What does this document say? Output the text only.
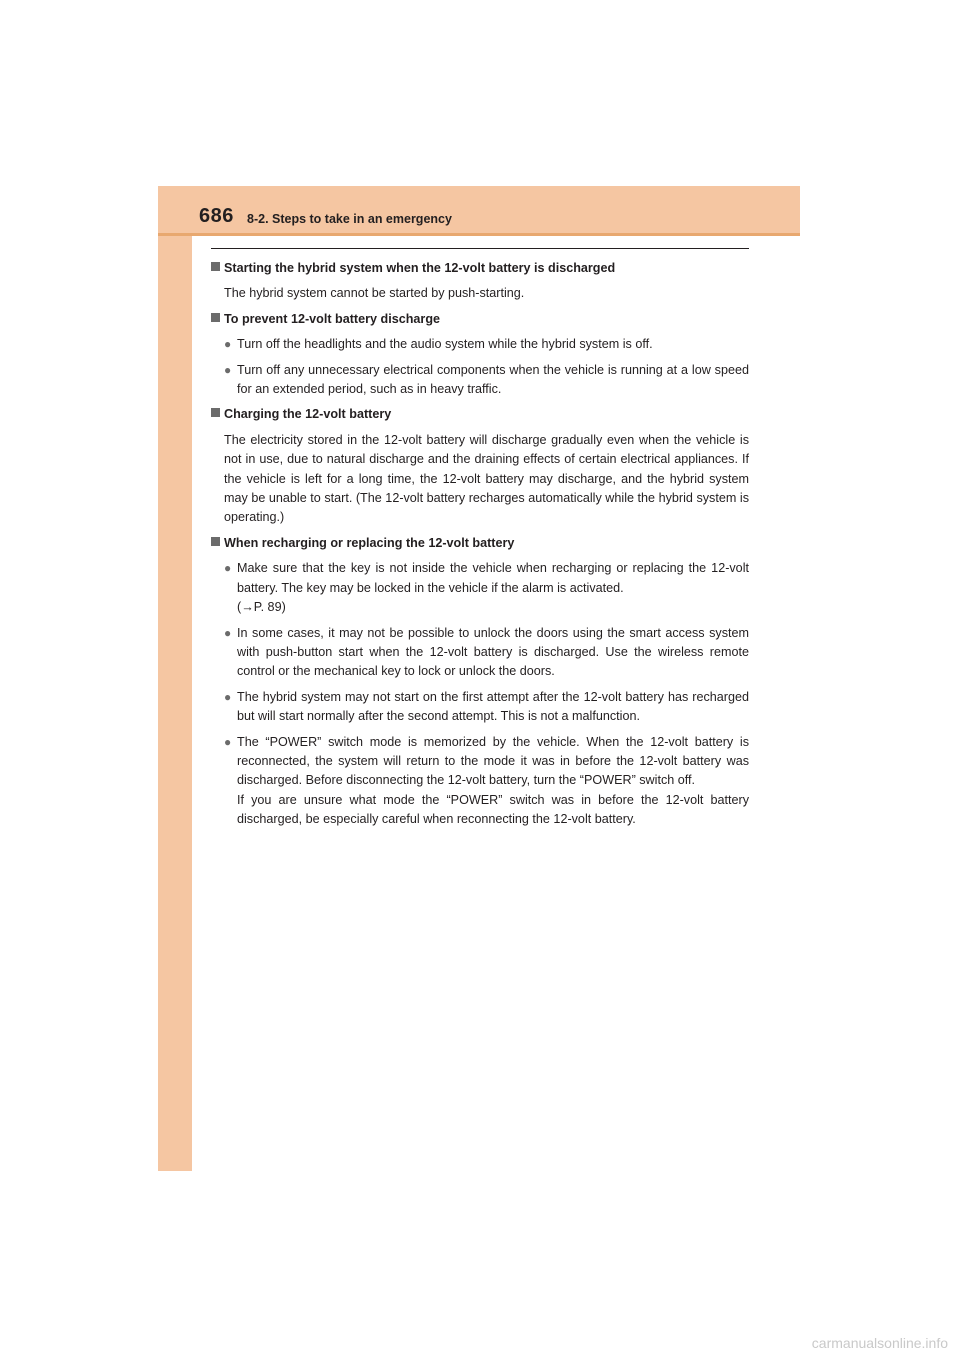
686 8-2. Steps to take in an emergency
Starting the hybrid system when the 12-volt battery is discharged
The hybrid system cannot be started by push-starting.
To prevent 12-volt battery discharge
● Turn off the headlights and the audio system while the hybrid system is off.
● Turn off any unnecessary electrical components when the vehicle is running at a low speed for an extended period, such as in heavy traffic.
Charging the 12-volt battery
The electricity stored in the 12-volt battery will discharge gradually even when the vehicle is not in use, due to natural discharge and the draining effects of certain electrical appliances. If the vehicle is left for a long time, the 12-volt battery may discharge, and the hybrid system may be unable to start. (The 12-volt battery recharges automatically while the hybrid system is operating.)
When recharging or replacing the 12-volt battery
● Make sure that the key is not inside the vehicle when recharging or replacing the 12-volt battery. The key may be locked in the vehicle if the alarm is activated.
(→P. 89)
● In some cases, it may not be possible to unlock the doors using the smart access system with push-button start when the 12-volt battery is discharged. Use the wireless remote control or the mechanical key to lock or unlock the doors.
● The hybrid system may not start on the first attempt after the 12-volt battery has recharged but will start normally after the second attempt. This is not a malfunction.
● The “POWER” switch mode is memorized by the vehicle. When the 12-volt battery is reconnected, the system will return to the mode it was in before the 12-volt battery was discharged. Before disconnecting the 12-volt battery, turn the “POWER” switch off.
If you are unsure what mode the “POWER” switch was in before the 12-volt battery discharged, be especially careful when reconnecting the 12-volt battery.
carmanualsonline.info
